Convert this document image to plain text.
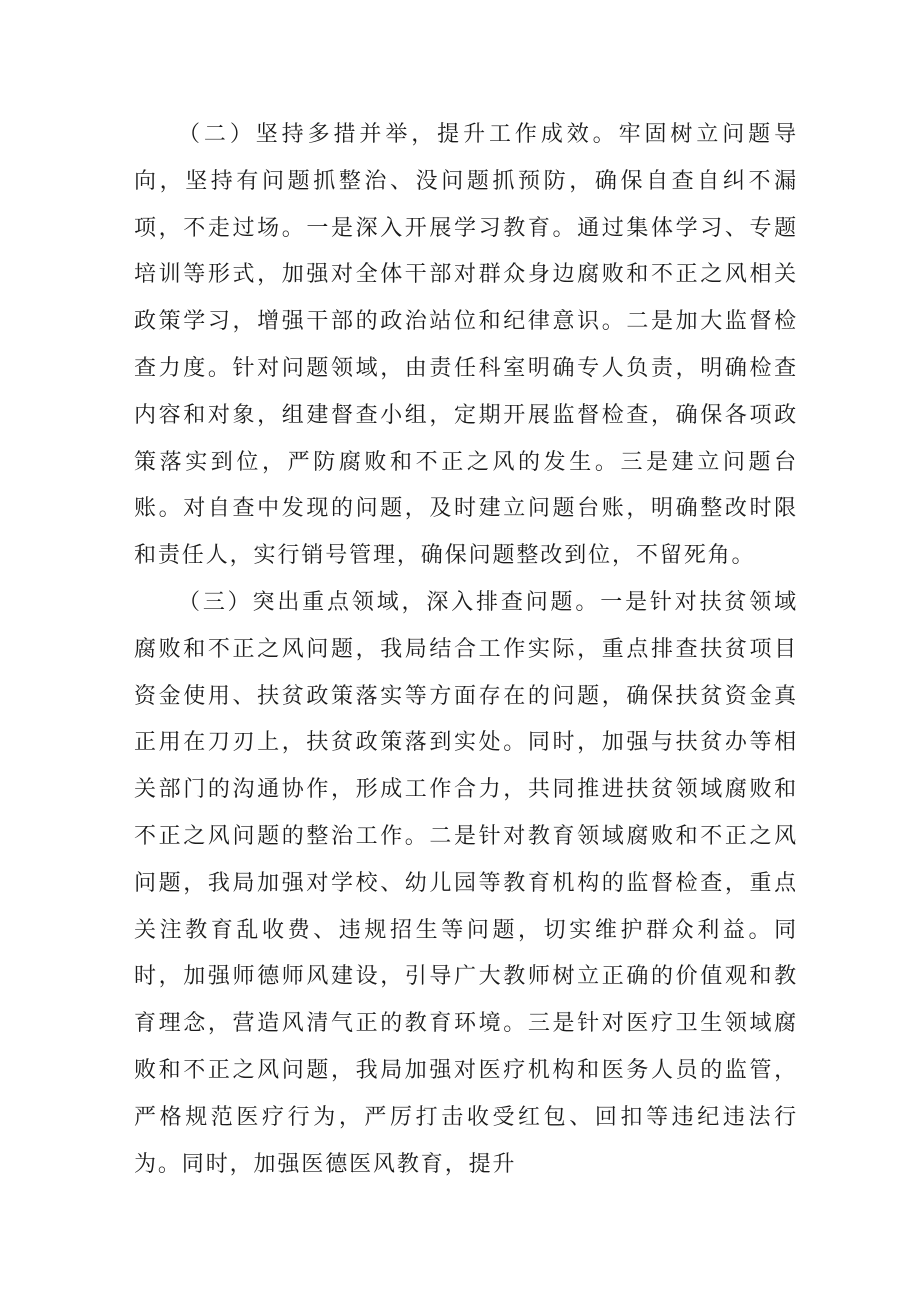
（二）坚持多措并举，提升工作成效。牢固树立问题导向，坚持有问题抓整治、没问题抓预防，确保自查自纠不漏项，不走过场。一是深入开展学习教育。通过集体学习、专题培训等形式，加强对全体干部对群众身边腐败和不正之风相关政策学习，增强干部的政治站位和纪律意识。二是加大监督检查力度。针对问题领域，由责任科室明确专人负责，明确检查内容和对象，组建督查小组，定期开展监督检查，确保各项政策落实到位，严防腐败和不正之风的发生。三是建立问题台账。对自查中发现的问题，及时建立问题台账，明确整改时限和责任人，实行销号管理，确保问题整改到位，不留死角。

（三）突出重点领域，深入排查问题。一是针对扶贫领域腐败和不正之风问题，我局结合工作实际，重点排查扶贫项目资金使用、扶贫政策落实等方面存在的问题，确保扶贫资金真正用在刀刃上，扶贫政策落到实处。同时，加强与扶贫办等相关部门的沟通协作，形成工作合力，共同推进扶贫领域腐败和不正之风问题的整治工作。二是针对教育领域腐败和不正之风问题，我局加强对学校、幼儿园等教育机构的监督检查，重点关注教育乱收费、违规招生等问题，切实维护群众利益。同时，加强师德师风建设，引导广大教师树立正确的价值观和教育理念，营造风清气正的教育环境。三是针对医疗卫生领域腐败和不正之风问题，我局加强对医疗机构和医务人员的监管，严格规范医疗行为，严厉打击收受红包、回扣等违纪违法行为。同时，加强医德医风教育，提升
